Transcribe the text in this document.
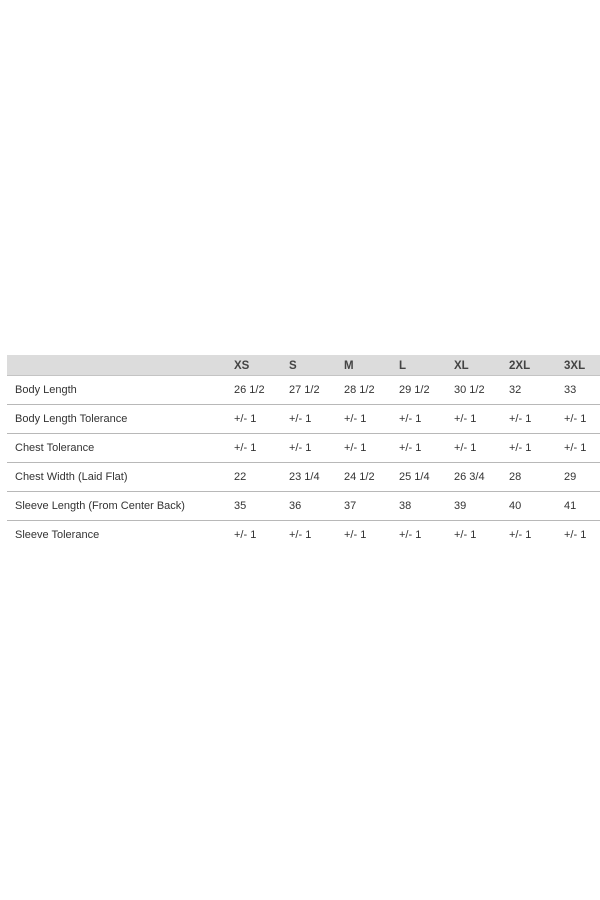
	XS	S	M	L	XL	2XL	3XL
Body Length	26 1/2	27 1/2	28 1/2	29 1/2	30 1/2	32	33
Body Length Tolerance	+/- 1	+/- 1	+/- 1	+/- 1	+/- 1	+/- 1	+/- 1
Chest Tolerance	+/- 1	+/- 1	+/- 1	+/- 1	+/- 1	+/- 1	+/- 1
Chest Width (Laid Flat)	22	23 1/4	24 1/2	25 1/4	26 3/4	28	29
Sleeve Length (From Center Back)	35	36	37	38	39	40	41
Sleeve Tolerance	+/- 1	+/- 1	+/- 1	+/- 1	+/- 1	+/- 1	+/- 1
